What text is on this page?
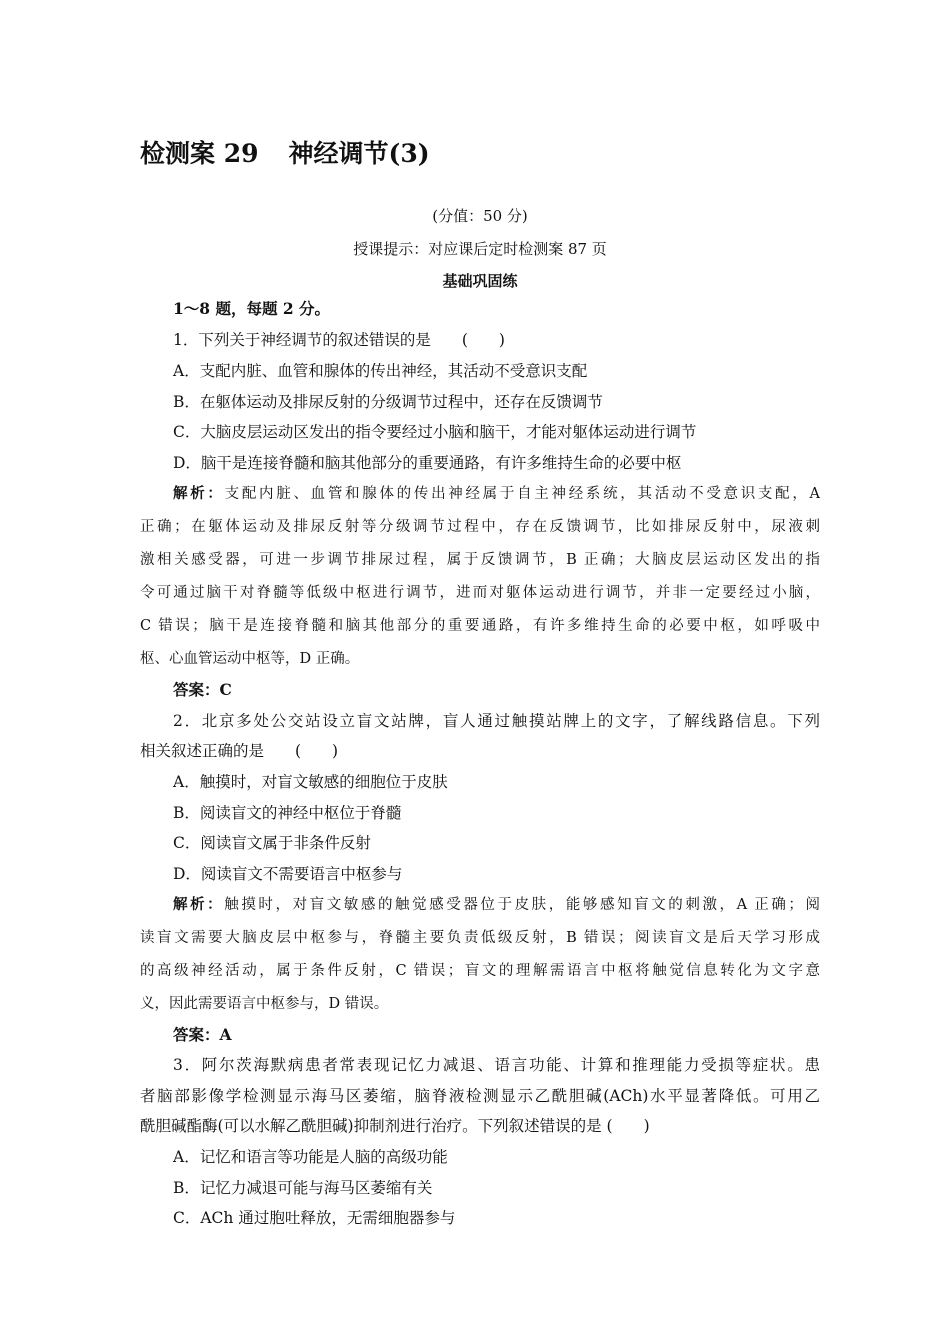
检测案 29 神经调节(3)
(分值：50 分)
授课提示：对应课后定时检测案 87 页
基础巩固练
1～8 题，每题 2 分。
1．下列关于神经调节的叙述错误的是　　(　　)
A．支配内脏、血管和腺体的传出神经，其活动不受意识支配
B．在躯体运动及排尿反射的分级调节过程中，还存在反馈调节
C．大脑皮层运动区发出的指令要经过小脑和脑干，才能对躯体运动进行调节
D．脑干是连接脊髓和脑其他部分的重要通路，有许多维持生命的必要中枢
解析：支配内脏、血管和腺体的传出神经属于自主神经系统，其活动不受意识支配，A
正确；在躯体运动及排尿反射等分级调节过程中，存在反馈调节，比如排尿反射中，尿液刺
激相关感受器，可进一步调节排尿过程，属于反馈调节，B 正确；大脑皮层运动区发出的指
令可通过脑干对脊髓等低级中枢进行调节，进而对躯体运动进行调节，并非一定要经过小脑，
C 错误；脑干是连接脊髓和脑其他部分的重要通路，有许多维持生命的必要中枢，如呼吸中
枢、心血管运动中枢等，D 正确。
答案：C
2．北京多处公交站设立盲文站牌，盲人通过触摸站牌上的文字，了解线路信息。下列
相关叙述正确的是　　(　　)
A．触摸时，对盲文敏感的细胞位于皮肤
B．阅读盲文的神经中枢位于脊髓
C．阅读盲文属于非条件反射
D．阅读盲文不需要语言中枢参与
解析：触摸时，对盲文敏感的触觉感受器位于皮肤，能够感知盲文的刺激，A 正确；阅
读盲文需要大脑皮层中枢参与，脊髓主要负责低级反射，B 错误；阅读盲文是后天学习形成
的高级神经活动，属于条件反射，C 错误；盲文的理解需语言中枢将触觉信息转化为文字意
义，因此需要语言中枢参与，D 错误。
答案：A
3．阿尔茨海默病患者常表现记忆力减退、语言功能、计算和推理能力受损等症状。患
者脑部影像学检测显示海马区萎缩，脑脊液检测显示乙酰胆碱(ACh)水平显著降低。可用乙
酰胆碱酯酶(可以水解乙酰胆碱)抑制剂进行治疗。下列叙述错误的是 (　　)
A．记忆和语言等功能是人脑的高级功能
B．记忆力减退可能与海马区萎缩有关
C．ACh 通过胞吐释放，无需细胞器参与
